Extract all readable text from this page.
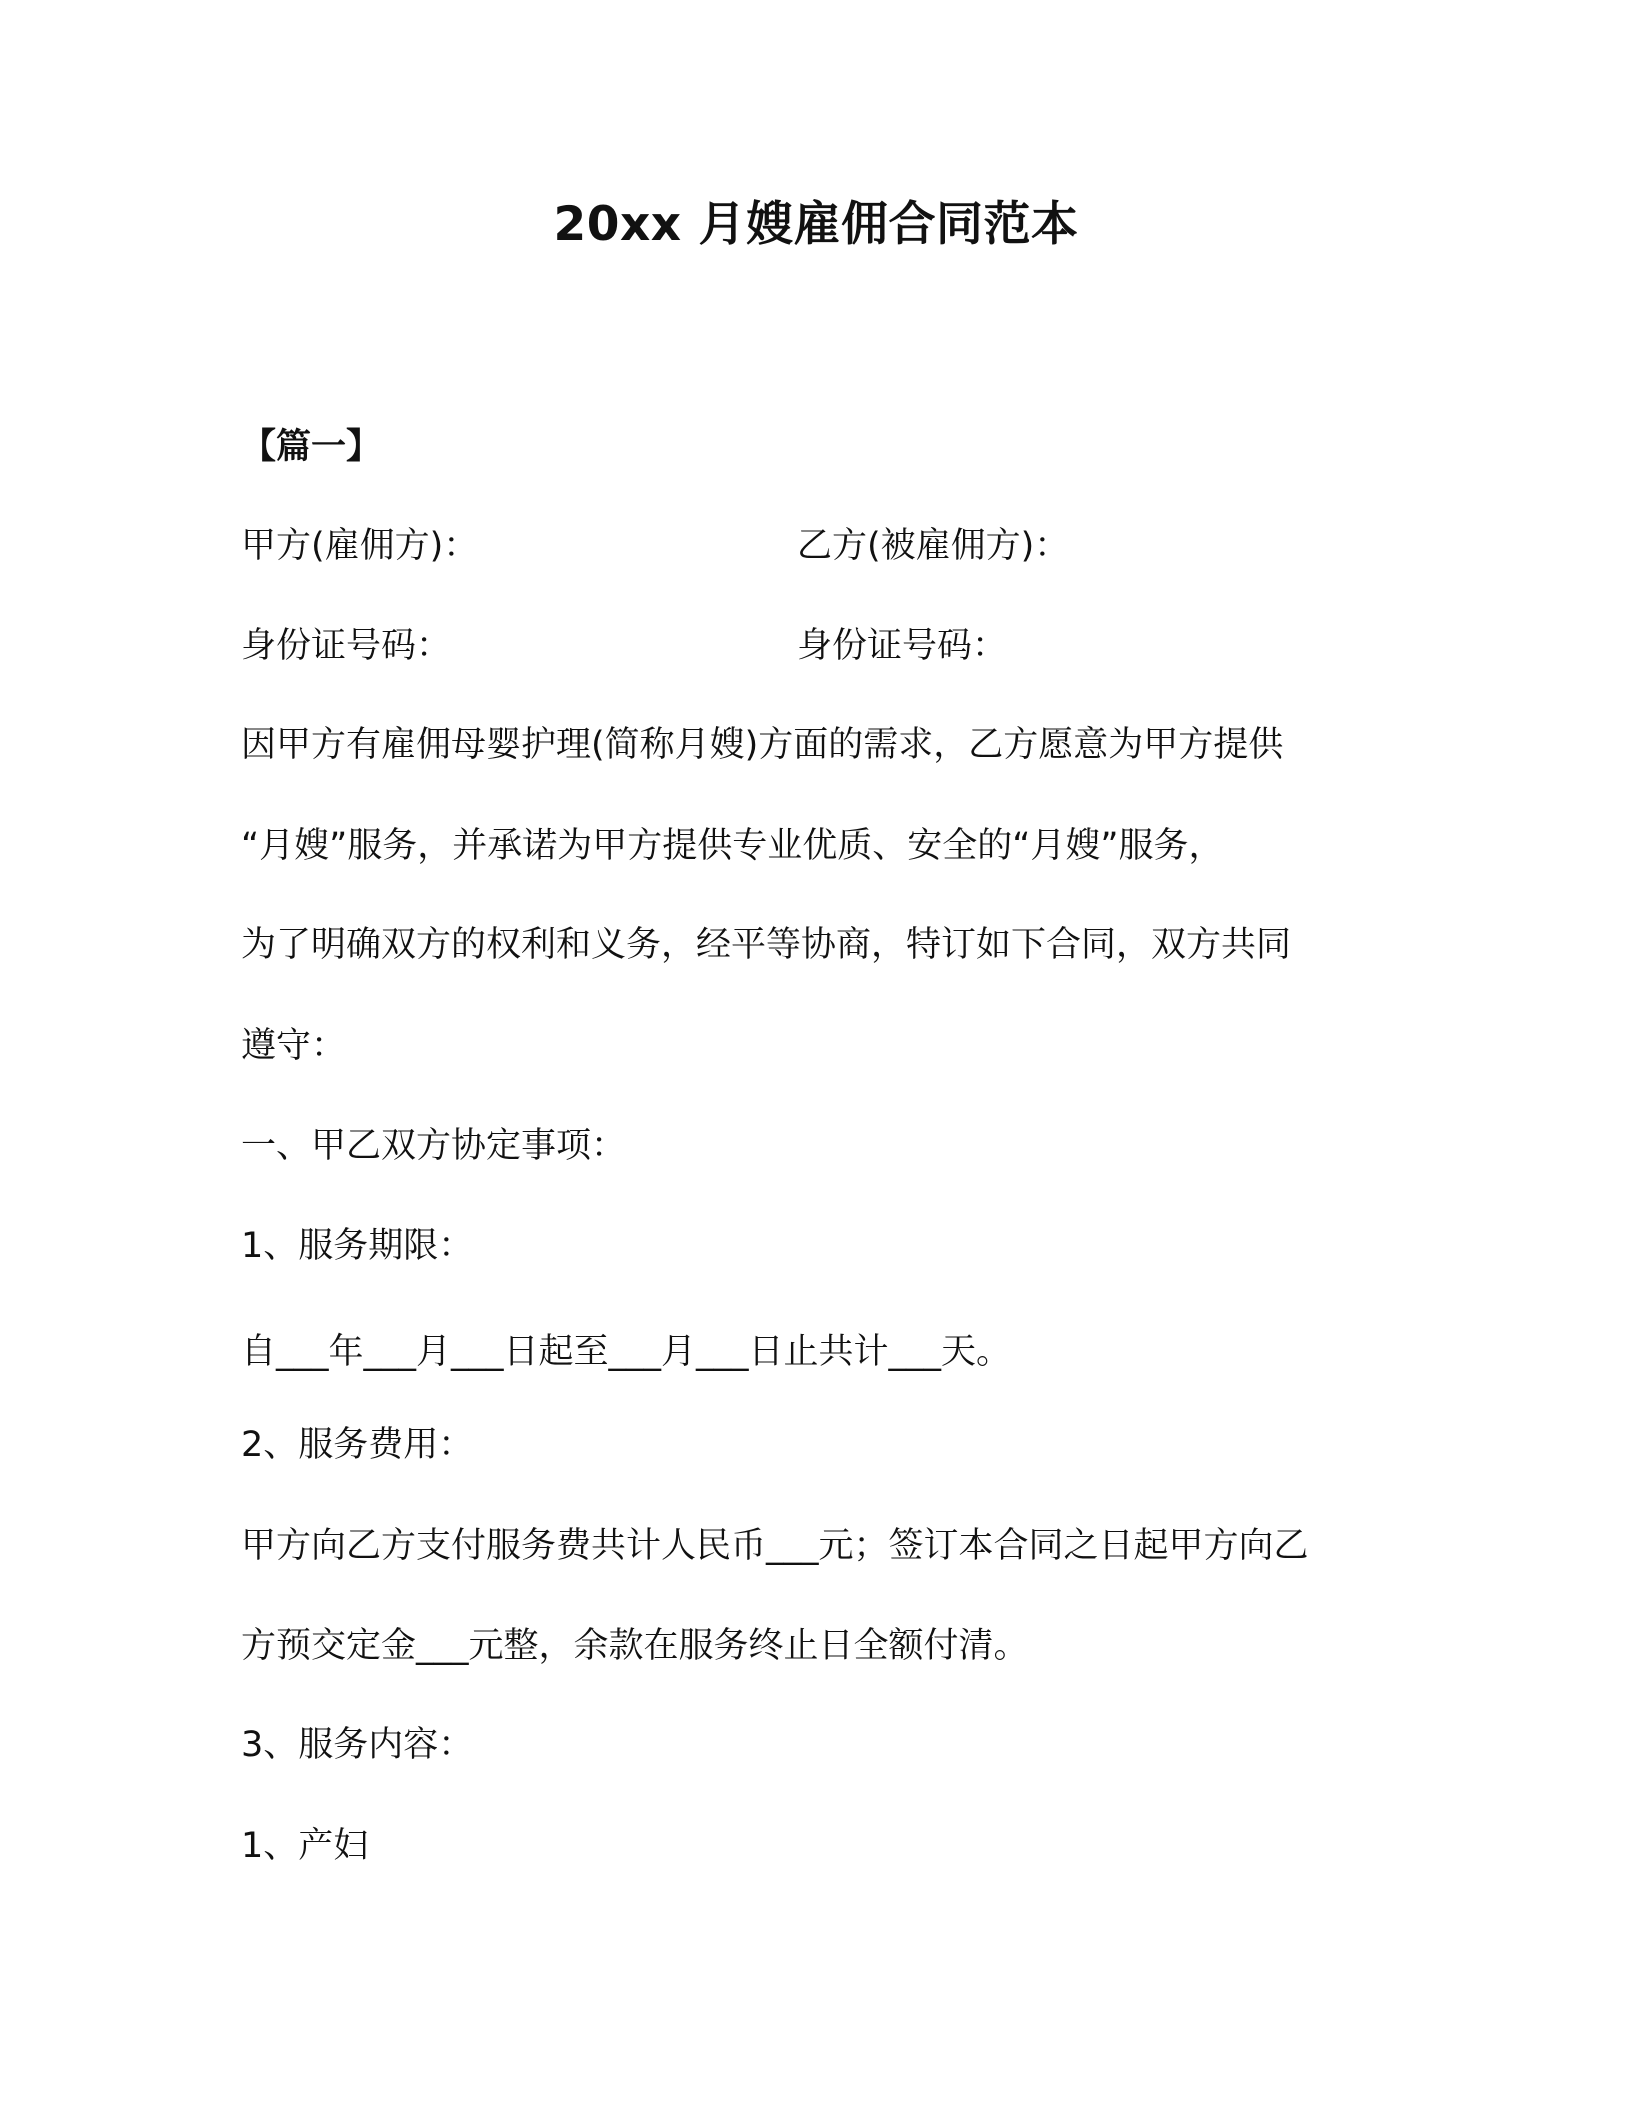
20xx 月嫂雇佣合同范本
【篇一】
甲方(雇佣方)：	乙方(被雇佣方)：
身份证号码：	身份证号码：
因甲方有雇佣母婴护理(简称月嫂)方面的需求，乙方愿意为甲方提供
“月嫂”服务，并承诺为甲方提供专业优质、安全的“月嫂”服务，
为了明确双方的权利和义务，经平等协商，特订如下合同，双方共同
遵守：
一、甲乙双方协定事项：
1、服务期限：
自___年___月___日起至___月___日止共计___天。
2、服务费用：
甲方向乙方支付服务费共计人民币___元；签订本合同之日起甲方向乙
方预交定金___元整，余款在服务终止日全额付清。
3、服务内容：
1、产妇
